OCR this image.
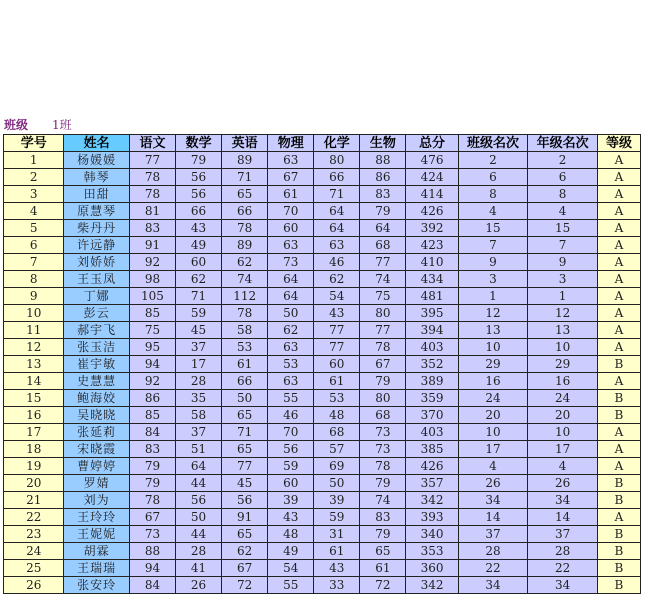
班级 1班
学号	姓名	语文	数学	英语	物理	化学	生物	总分	班级名次	年级名次	等级
1	杨媛媛	77	79	89	63	80	88	476	2	2	A
2	韩琴	78	56	71	67	66	86	424	6	6	A
3	田甜	78	56	65	61	71	83	414	8	8	A
4	原慧琴	81	66	66	70	64	79	426	4	4	A
5	柴丹丹	83	43	78	60	64	64	392	15	15	A
6	许远静	91	49	89	63	63	68	423	7	7	A
7	刘娇娇	92	60	62	73	46	77	410	9	9	A
8	王玉凤	98	62	74	64	62	74	434	3	3	A
9	丁娜	105	71	112	64	54	75	481	1	1	A
10	彭云	85	59	78	50	43	80	395	12	12	A
11	郝宇飞	75	45	58	62	77	77	394	13	13	A
12	张玉洁	95	37	53	63	77	78	403	10	10	A
13	崔宇敏	94	17	61	53	60	67	352	29	29	B
14	史慧慧	92	28	66	63	61	79	389	16	16	A
15	鲍海姣	86	35	50	55	53	80	359	24	24	B
16	吴晓晓	85	58	65	46	48	68	370	20	20	B
17	张延莉	84	37	71	70	68	73	403	10	10	A
18	宋晓霞	83	51	65	56	57	73	385	17	17	A
19	曹婷婷	79	64	77	59	69	78	426	4	4	A
20	罗婧	79	44	45	60	50	79	357	26	26	B
21	刘为	78	56	56	39	39	74	342	34	34	B
22	王玲玲	67	50	91	43	59	83	393	14	14	A
23	王妮妮	73	44	65	48	31	79	340	37	37	B
24	胡霖	88	28	62	49	61	65	353	28	28	B
25	王瑞瑞	94	41	67	54	43	61	360	22	22	B
26	张安玲	84	26	72	55	33	72	342	34	34	B
